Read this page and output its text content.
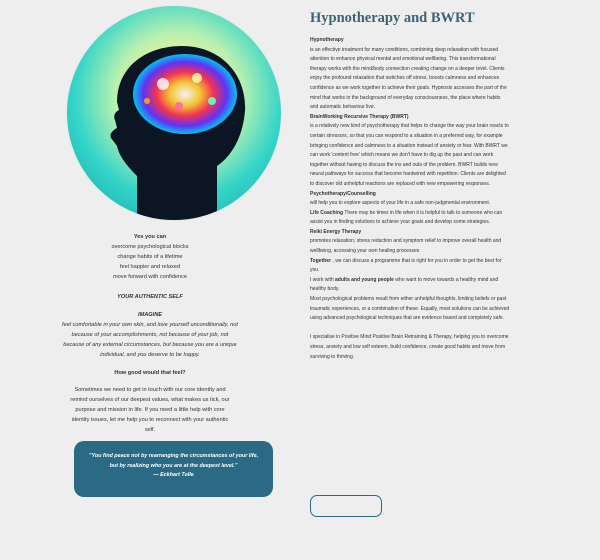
Yes you can
overcome psychological blocks
change habits of a lifetime
feel happier and relaxed
move forward with confidence
YOUR AUTHENTIC SELF
IMAGINE
feel comfortable in your own skin, and love yourself unconditionally, not because of your accomplishments, not because of your job, not because of any external circumstances, but because you are a unique individual, and you deserve to be happy.
How good would that feel?
Sometimes we need to get in touch with our core identity and remind ourselves of our deepest values, what makes us tick, our purpose and mission in life. If you need a little help with core identity issues, let me help you to reconnect with your authentic self.
"You find peace not by rearranging the circumstances of your life, but by realizing who you are at the deepest level."
— Eckhart Tolle
Hypnotherapy and BWRT
Hypnotherapy
is an effective treatment for many conditions, combining deep relaxation with focused attention to enhance physical mental and emotional wellbeing. This transformational therapy works with the mind/body connection creating change on a deeper level. Clients enjoy the profound relaxation that switches off stress, boosts calmness and enhances confidence as we work together to achieve their goals. Hypnosis accesses the part of the mind that works in the background of everyday consciousness, the place where habits and automatic behaviour live.
BrainWorking Recursive Therapy (BWRT)
is a relatively new kind of psychotherapy that helps to change the way your brain reacts to certain stressors, so that you can respond to a situation in a preferred way, for example bringing confidence and calmness to a situation instead of anxiety or fear. With BWRT we can work 'content free' which means we don't have to dig up the past and can work together without having to discuss the ins and outs of the problem. BWRT builds new neural pathways for success that become hardwired with repetition. Clients are delighted to discover old unhelpful reactions are replaced with new empowering responses.
Psychotherapy/Counselling
will help you to explore aspects of your life in a safe non-judgmental environment.
Life Coaching There may be times in life when it is helpful to talk to someone who can assist you in finding solutions to achieve your goals and develop some strategies.
Reiki Energy Therapy
promotes relaxation, stress reduction and symptom relief to improve overall health and wellbeing, accessing your own healing processes
Together , we can discuss a programme that is right for you in order to get the best for you.
I work with adults and young people who want to move towards a healthy mind and healthy body.
Most psychological problems result from either unhelpful thoughts, limiting beliefs or past traumatic experiences, or a combination of these. Equally, most solutions can be achieved using advanced psychological techniques that are evidence based and completely safe.

I specialise in Positive Mind Positive Brain Retraining & Therapy, helping you to overcome stress, anxiety and low self esteem, build confidence, create good habits and move from surviving to thriving.
